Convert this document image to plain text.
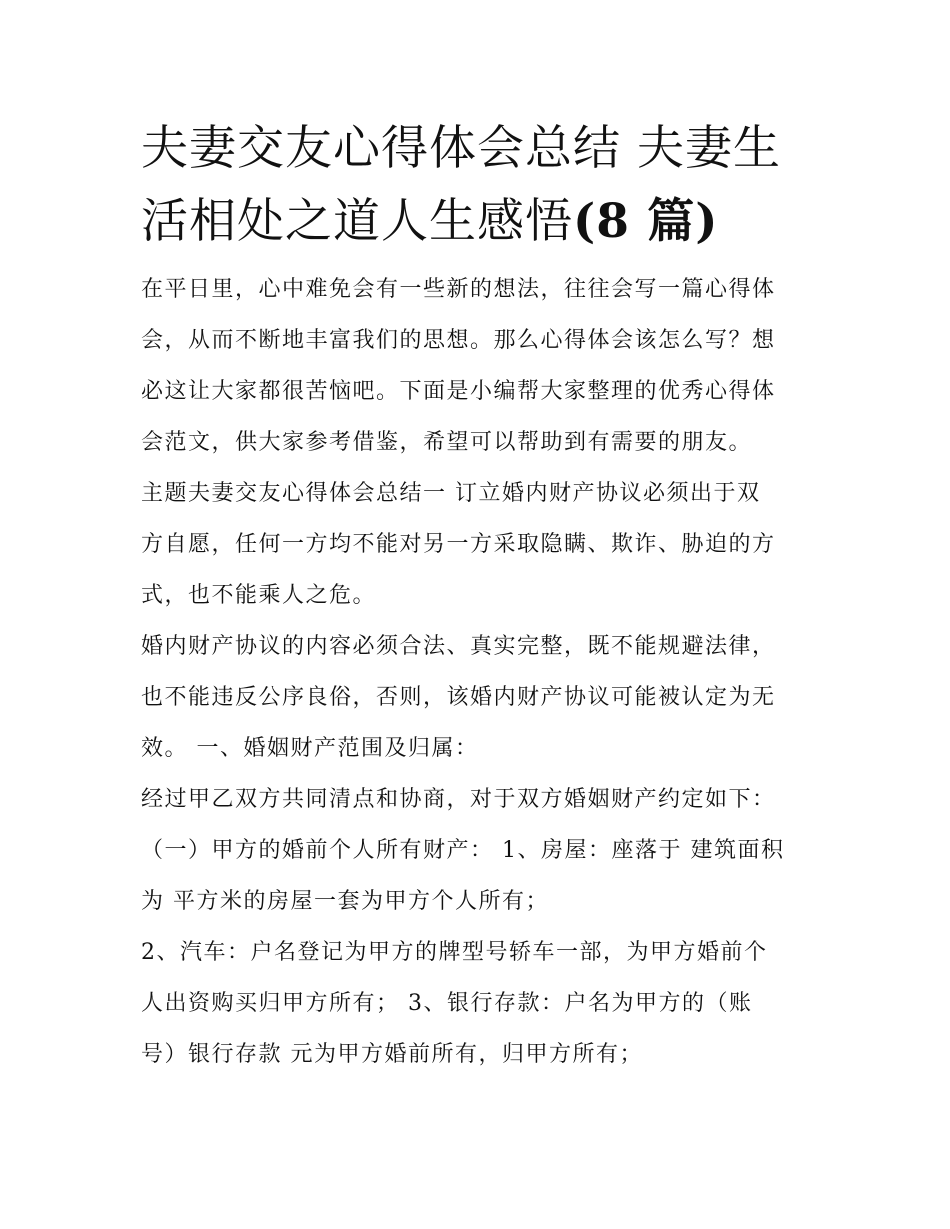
夫妻交友心得体会总结 夫妻生
活相处之道人生感悟(8 篇)

在平日里，心中难免会有一些新的想法，往往会写一篇心得体
会，从而不断地丰富我们的思想。那么心得体会该怎么写？想
必这让大家都很苦恼吧。下面是小编帮大家整理的优秀心得体
会范文，供大家参考借鉴，希望可以帮助到有需要的朋友。

主题夫妻交友心得体会总结一 订立婚内财产协议必须出于双
方自愿，任何一方均不能对另一方采取隐瞒、欺诈、胁迫的方
式，也不能乘人之危。

婚内财产协议的内容必须合法、真实完整，既不能规避法律，
也不能违反公序良俗，否则，该婚内财产协议可能被认定为无
效。 一、婚姻财产范围及归属：

经过甲乙双方共同清点和协商，对于双方婚姻财产约定如下：
（一）甲方的婚前个人所有财产： 1、房屋：座落于 建筑面积
为 平方米的房屋一套为甲方个人所有；

2、汽车：户名登记为甲方的牌型号轿车一部，为甲方婚前个
人出资购买归甲方所有； 3、银行存款：户名为甲方的（账
号）银行存款 元为甲方婚前所有，归甲方所有；
